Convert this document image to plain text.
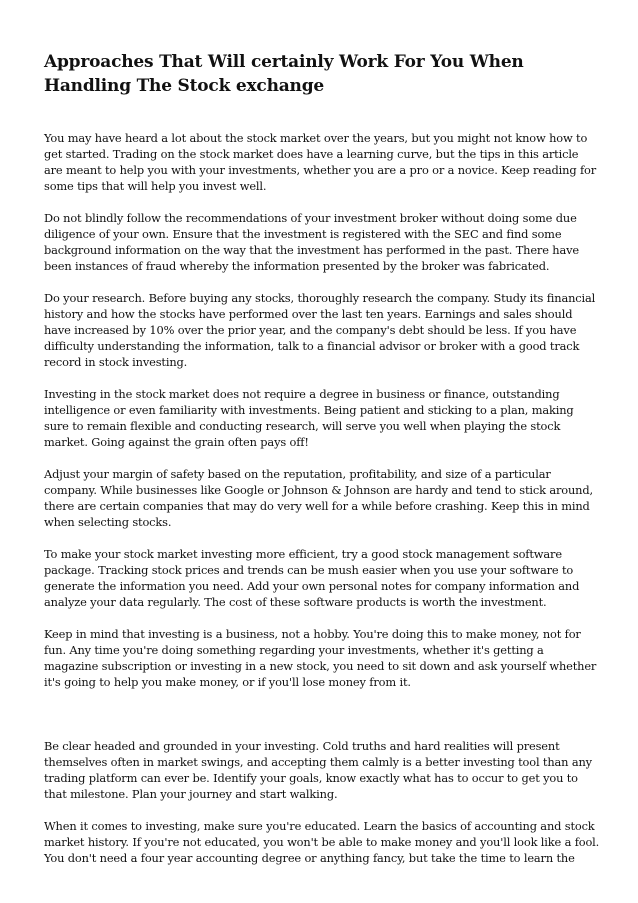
Approaches That Will certainly Work For You When Handling The Stock exchange

You may have heard a lot about the stock market over the years, but you might not know how to get started. Trading on the stock market does have a learning curve, but the tips in this article are meant to help you with your investments, whether you are a pro or a novice. Keep reading for some tips that will help you invest well.

Do not blindly follow the recommendations of your investment broker without doing some due diligence of your own. Ensure that the investment is registered with the SEC and find some background information on the way that the investment has performed in the past. There have been instances of fraud whereby the information presented by the broker was fabricated.

Do your research. Before buying any stocks, thoroughly research the company. Study its financial history and how the stocks have performed over the last ten years. Earnings and sales should have increased by 10% over the prior year, and the company's debt should be less. If you have difficulty understanding the information, talk to a financial advisor or broker with a good track record in stock investing.

Investing in the stock market does not require a degree in business or finance, outstanding intelligence or even familiarity with investments. Being patient and sticking to a plan, making sure to remain flexible and conducting research, will serve you well when playing the stock market. Going against the grain often pays off!

Adjust your margin of safety based on the reputation, profitability, and size of a particular company. While businesses like Google or Johnson & Johnson are hardy and tend to stick around, there are certain companies that may do very well for a while before crashing. Keep this in mind when selecting stocks.

To make your stock market investing more efficient, try a good stock management software package. Tracking stock prices and trends can be mush easier when you use your software to generate the information you need. Add your own personal notes for company information and analyze your data regularly. The cost of these software products is worth the investment.

Keep in mind that investing is a business, not a hobby. You're doing this to make money, not for fun. Any time you're doing something regarding your investments, whether it's getting a magazine subscription or investing in a new stock, you need to sit down and ask yourself whether it's going to help you make money, or if you'll lose money from it.

Be clear headed and grounded in your investing. Cold truths and hard realities will present themselves often in market swings, and accepting them calmly is a better investing tool than any trading platform can ever be. Identify your goals, know exactly what has to occur to get you to that milestone. Plan your journey and start walking.

When it comes to investing, make sure you're educated. Learn the basics of accounting and stock market history. If you're not educated, you won't be able to make money and you'll look like a fool. You don't need a four year accounting degree or anything fancy, but take the time to learn the
